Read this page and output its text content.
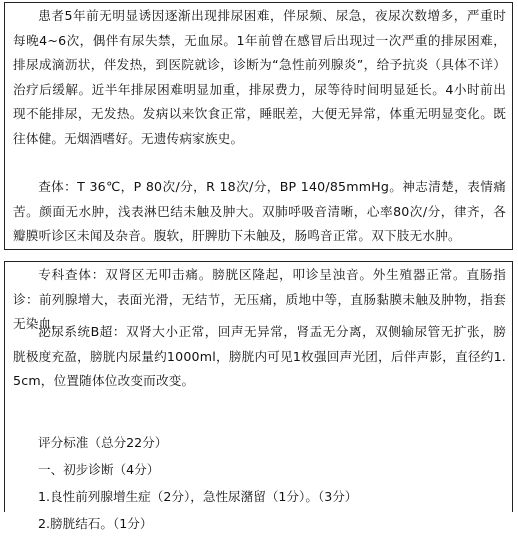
患者5年前无明显诱因逐渐出现排尿困难，伴尿频、尿急，夜尿次数增多，严重时每晚4~6次，偶伴有尿失禁，无血尿。1年前曾在感冒后出现过一次严重的排尿困难，排尿成滴沥状，伴发热，到医院就诊，诊断为“急性前列腺炎”，给予抗炎（具体不详）治疗后缓解。近半年排尿困难明显加重，排尿费力，尿等待时间明显延长。4小时前出现不能排尿，无发热。发病以来饮食正常，睡眠差，大便无异常，体重无明显变化。既往体健。无烟酒嗜好。无遗传病家族史。

查体：T 36℃，P 80次/分，R 18次/分，BP 140/85mmHg。神志清楚，表情痛苦。颜面无水肿，浅表淋巴结未触及肿大。双肺呼吸音清晰，心率80次/分，律齐，各瓣膜听诊区未闻及杂音。腹软，肝脾肋下未触及，肠鸣音正常。双下肢无水肿。

专科查体：双肾区无叩击痛。膀胱区隆起，叩诊呈浊音。外生殖器正常。直肠指诊：前列腺增大，表面光滑，无结节，无压痛，质地中等，直肠黏膜未触及肿物，指套无染血。

泌尿系统B超：双肾大小正常，回声无异常，肾盂无分离，双侧输尿管无扩张，膀胱极度充盈，膀胱内尿量约1000ml，膀胱内可见1枚强回声光团，后伴声影，直径约1.5cm，位置随体位改变而改变。

评分标准（总分22分）
一、初步诊断（4分）
1.良性前列腺增生症（2分），急性尿潴留（1分）。（3分）
2.膀胱结石。（1分）
